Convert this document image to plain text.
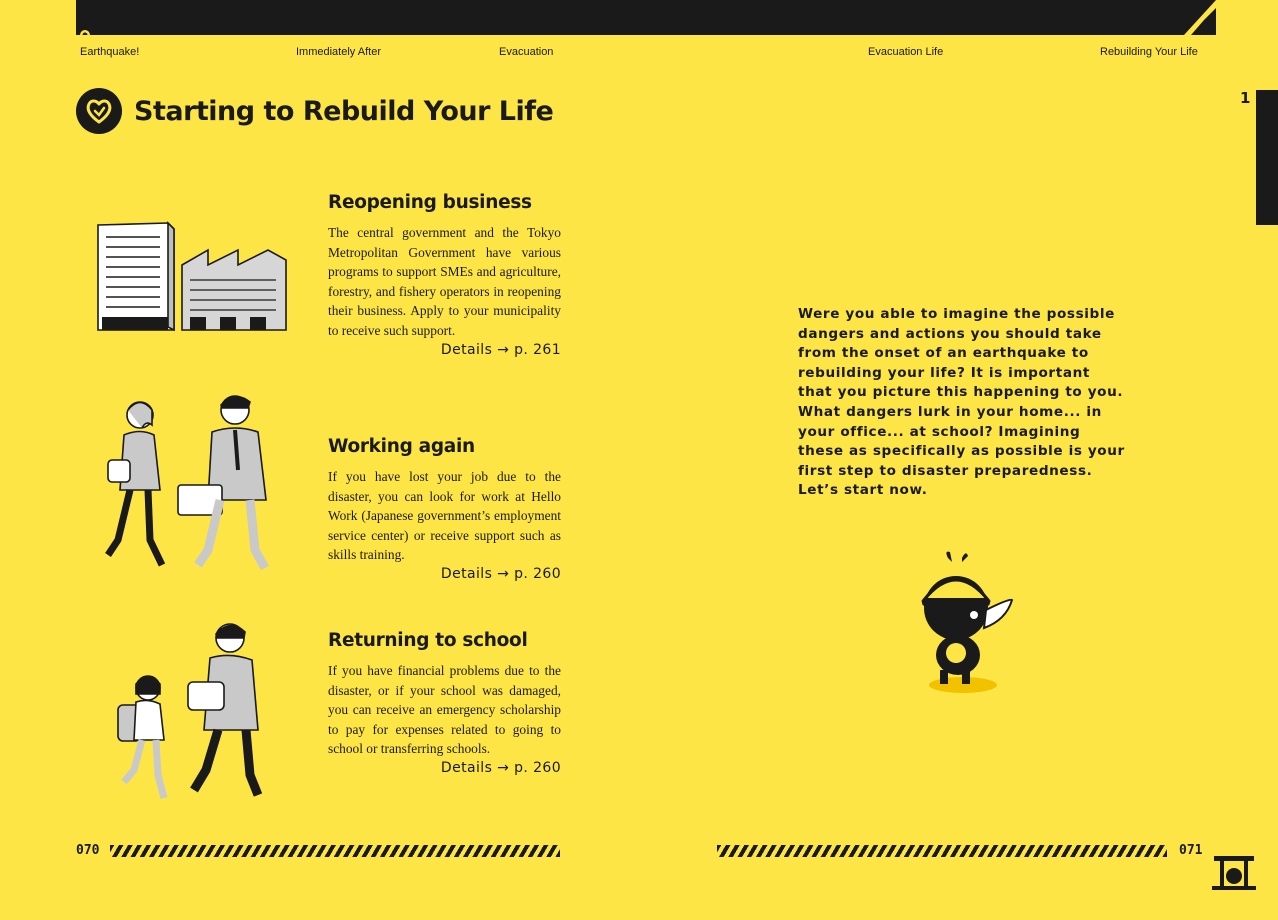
Earthquake!	Immediately After	Evacuation	Evacuation Life	Rebuilding Your Life
1
Starting to Rebuild Your Life
Reopening business

The central government and the Tokyo Metropolitan Government have various programs to support SMEs and agriculture, forestry, and fishery operators in reopening their business. Apply to your municipality to receive such support.

Details → p. 261
Working again

If you have lost your job due to the disaster, you can look for work at Hello Work (Japanese government’s employment service center) or receive support such as skills training.

Details → p. 260
Returning to school

If you have financial problems due to the disaster, or if your school was damaged, you can receive an emergency scholarship to pay for expenses related to going to school or transferring schools.

Details → p. 260
Were you able to imagine the possible dangers and actions you should take from the onset of an earthquake to rebuilding your life? It is important that you picture this happening to you. What dangers lurk in your home... in your office... at school? Imagining these as specifically as possible is your first step to disaster preparedness. Let’s start now.
070	071
